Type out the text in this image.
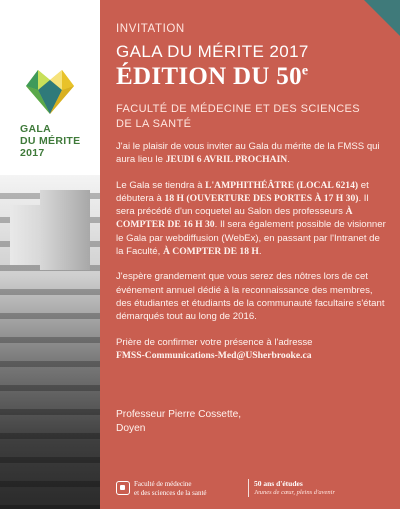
GALA
DU MÉRITE
2017
INVITATION
GALA DU MÉRITE 2017
ÉDITION DU 50e
FACULTÉ DE MÉDECINE ET DES SCIENCES
DE LA SANTÉ

J'ai le plaisir de vous inviter au Gala du mérite de la FMSS qui aura lieu le JEUDI 6 AVRIL PROCHAIN.

Le Gala se tiendra à L'AMPHITHÉÂTRE (LOCAL 6214) et débutera à 18 H (OUVERTURE DES PORTES À 17 H 30). Il sera précédé d'un coquetel au Salon des professeurs À COMPTER DE 16 H 30. Il sera également possible de visionner le Gala par webdiffusion (WebEx), en passant par l'Intranet de la Faculté, À COMPTER DE 18 H.

J'espère grandement que vous serez des nôtres lors de cet événement annuel dédié à la reconnaissance des membres, des étudiantes et étudiants de la communauté facultaire s'étant démarqués tout au long de 2016.

Prière de confirmer votre présence à l'adresse
FMSS-Communications-Med@USherbrooke.ca

Professeur Pierre Cossette,
Doyen
Faculté de médecine
et des sciences de la santé
50 ans d'études
Jeunes de cœur, pleins d'avenir
